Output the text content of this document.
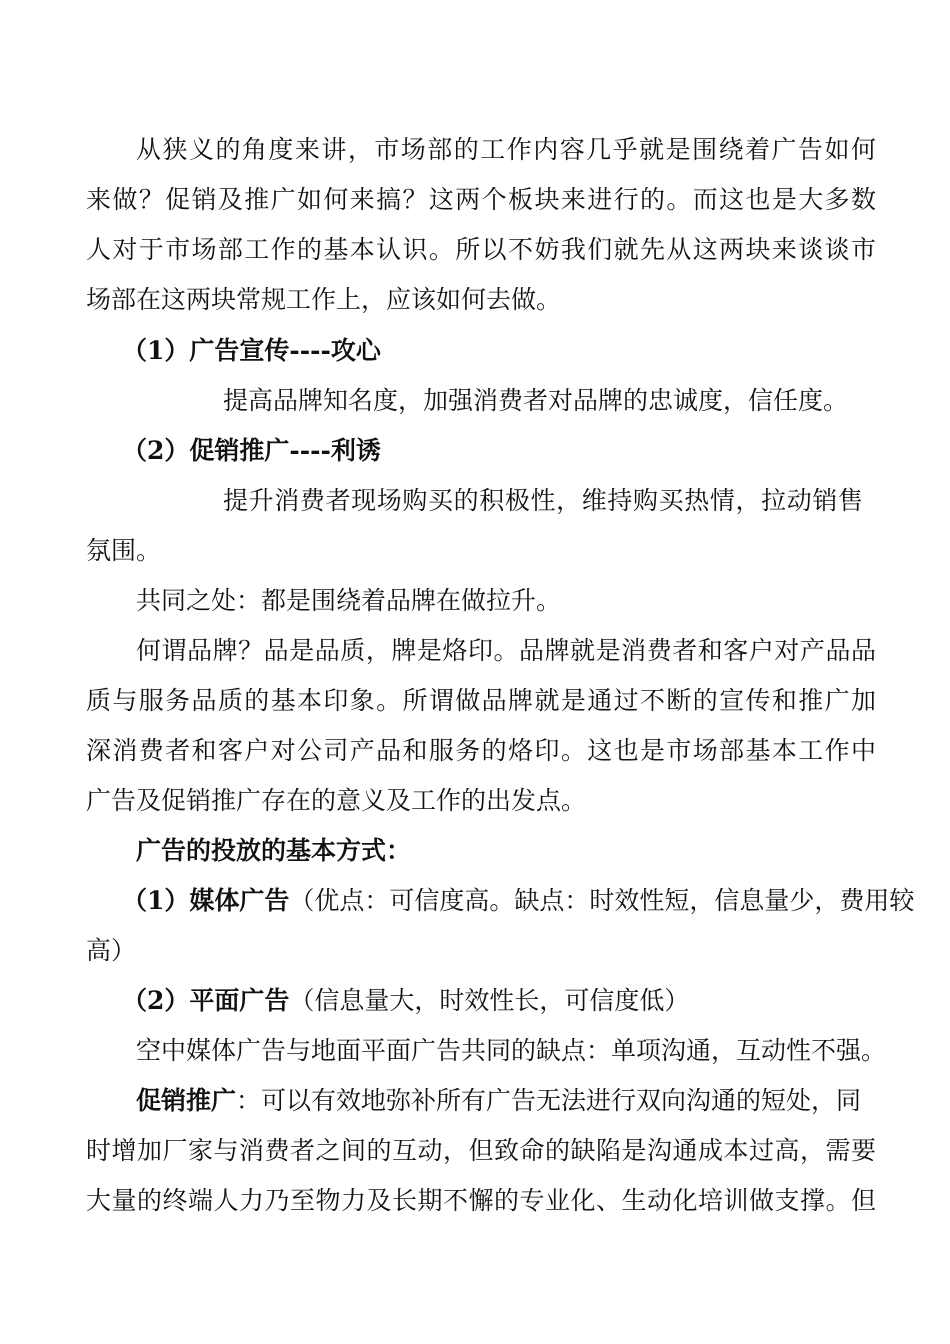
从狭义的角度来讲，市场部的工作内容几乎就是围绕着广告如何
来做？促销及推广如何来搞？这两个板块来进行的。而这也是大多数
人对于市场部工作的基本认识。所以不妨我们就先从这两块来谈谈市
场部在这两块常规工作上，应该如何去做。
（1）广告宣传----攻心
提高品牌知名度，加强消费者对品牌的忠诚度，信任度。
（2）促销推广----利诱
提升消费者现场购买的积极性，维持购买热情，拉动销售
氛围。
共同之处：都是围绕着品牌在做拉升。
何谓品牌？品是品质，牌是烙印。品牌就是消费者和客户对产品品
质与服务品质的基本印象。所谓做品牌就是通过不断的宣传和推广加
深消费者和客户对公司产品和服务的烙印。这也是市场部基本工作中
广告及促销推广存在的意义及工作的出发点。
广告的投放的基本方式：
（1）媒体广告（优点：可信度高。缺点：时效性短，信息量少，费用较
高）
（2）平面广告（信息量大，时效性长，可信度低）
空中媒体广告与地面平面广告共同的缺点：单项沟通，互动性不强。
促销推广：可以有效地弥补所有广告无法进行双向沟通的短处，同
时增加厂家与消费者之间的互动，但致命的缺陷是沟通成本过高，需要
大量的终端人力乃至物力及长期不懈的专业化、生动化培训做支撑。但
